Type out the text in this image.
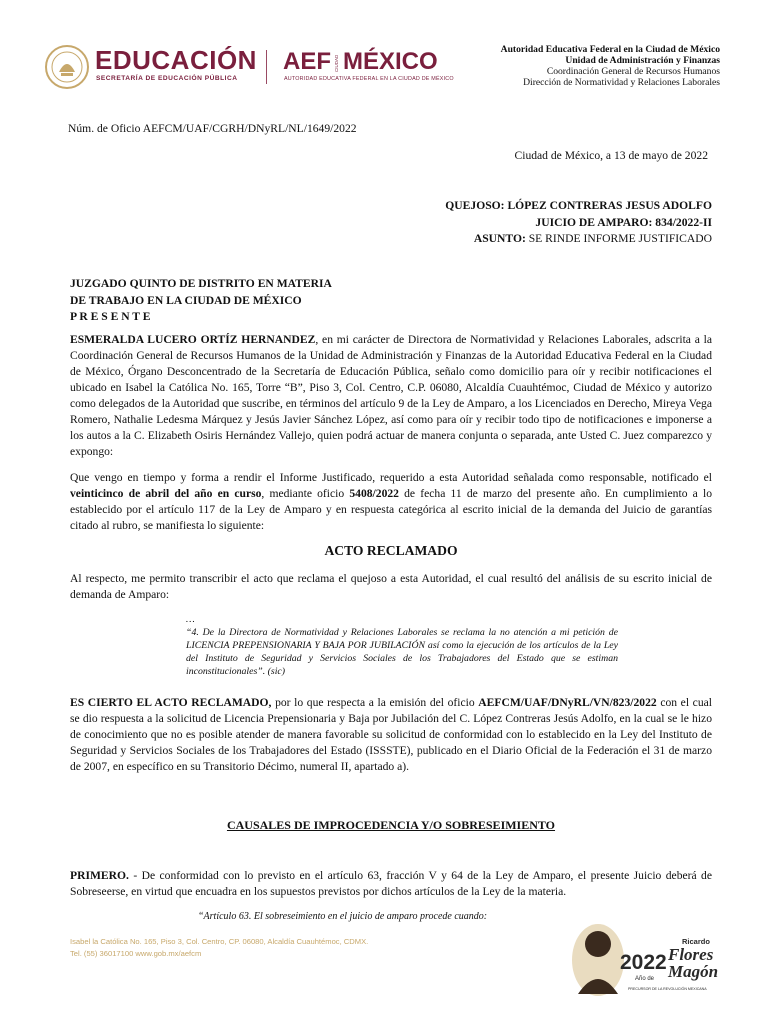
EDUCACIÓN
SECRETARÍA DE EDUCACIÓN PÚBLICA
AEF CIUDAD MÉXICO
AUTORIDAD EDUCATIVA FEDERAL EN LA CIUDAD DE MÉXICO
Autoridad Educativa Federal en la Ciudad de México
Unidad de Administración y Finanzas
Coordinación General de Recursos Humanos
Dirección de Normatividad y Relaciones Laborales
Núm. de Oficio AEFCM/UAF/CGRH/DNyRL/NL/1649/2022
Ciudad de México, a 13 de mayo de 2022
QUEJOSO: LÓPEZ CONTRERAS JESUS ADOLFO
JUICIO DE AMPARO: 834/2022-II
ASUNTO: SE RINDE INFORME JUSTIFICADO
JUZGADO QUINTO DE DISTRITO EN MATERIA
DE TRABAJO EN LA CIUDAD DE MÉXICO
P R E S E N T E
ESMERALDA LUCERO ORTÍZ HERNANDEZ, en mi carácter de Directora de Normatividad y Relaciones Laborales, adscrita a la Coordinación General de Recursos Humanos de la Unidad de Administración y Finanzas de la Autoridad Educativa Federal en la Ciudad de México, Órgano Desconcentrado de la Secretaría de Educación Pública, señalo como domicilio para oír y recibir notificaciones el ubicado en Isabel la Católica No. 165, Torre “B”, Piso 3, Col. Centro, C.P. 06080, Alcaldía Cuauhtémoc, Ciudad de México y autorizo como delegados de la Autoridad que suscribe, en términos del artículo 9 de la Ley de Amparo, a los Licenciados en Derecho, Mireya Vega Romero, Nathalie Ledesma Márquez y Jesús Javier Sánchez López, así como para oír y recibir todo tipo de notificaciones e imponerse a los autos a la C. Elizabeth Osiris Hernández Vallejo, quien podrá actuar de manera conjunta o separada, ante Usted C. Juez comparezco y expongo:
Que vengo en tiempo y forma a rendir el Informe Justificado, requerido a esta Autoridad señalada como responsable, notificado el veinticinco de abril del año en curso, mediante oficio 5408/2022 de fecha 11 de marzo del presente año. En cumplimiento a lo establecido por el artículo 117 de la Ley de Amparo y en respuesta categórica al escrito inicial de la demanda del Juicio de garantías citado al rubro, se manifiesta lo siguiente:
ACTO RECLAMADO
Al respecto, me permito transcribir el acto que reclama el quejoso a esta Autoridad, el cual resultó del análisis de su escrito inicial de demanda de Amparo:
…
“4. De la Directora de Normatividad y Relaciones Laborales se reclama la no atención a mi petición de LICENCIA PREPENSIONARIA Y BAJA POR JUBILACIÓN así como la ejecución de los artículos de la Ley del Instituto de Seguridad y Servicios Sociales de los Trabajadores del Estado que se estiman inconstitucionales”. (sic)
ES CIERTO EL ACTO RECLAMADO, por lo que respecta a la emisión del oficio AEFCM/UAF/DNyRL/VN/823/2022 con el cual se dio respuesta a la solicitud de Licencia Prepensionaria y Baja por Jubilación del C. López Contreras Jesús Adolfo, en la cual se le hizo de conocimiento que no es posible atender de manera favorable su solicitud de conformidad con lo establecido en la Ley del Instituto de Seguridad y Servicios Sociales de los Trabajadores del Estado (ISSSTE), publicado en el Diario Oficial de la Federación el 31 de marzo de 2007, en específico en su Transitorio Décimo, numeral II, apartado a).
CAUSALES DE IMPROCEDENCIA Y/O SOBRESEIMIENTO
PRIMERO. - De conformidad con lo previsto en el artículo 63, fracción V y 64 de la Ley de Amparo, el presente Juicio deberá de Sobreseerse, en virtud que encuadra en los supuestos previstos por dichos artículos de la Ley de la materia.
“Artículo 63. El sobreseimiento en el juicio de amparo procede cuando:
Isabel la Católica No. 165, Piso 3, Col. Centro, CP. 06080, Alcaldía Cuauhtémoc, CDMX.
Tel. (55) 36017100 www.gob.mx/aefcm	2022
Año de
Ricardo
Flores
Magón
PRECURSOR DE LA REVOLUCIÓN MEXICANA
